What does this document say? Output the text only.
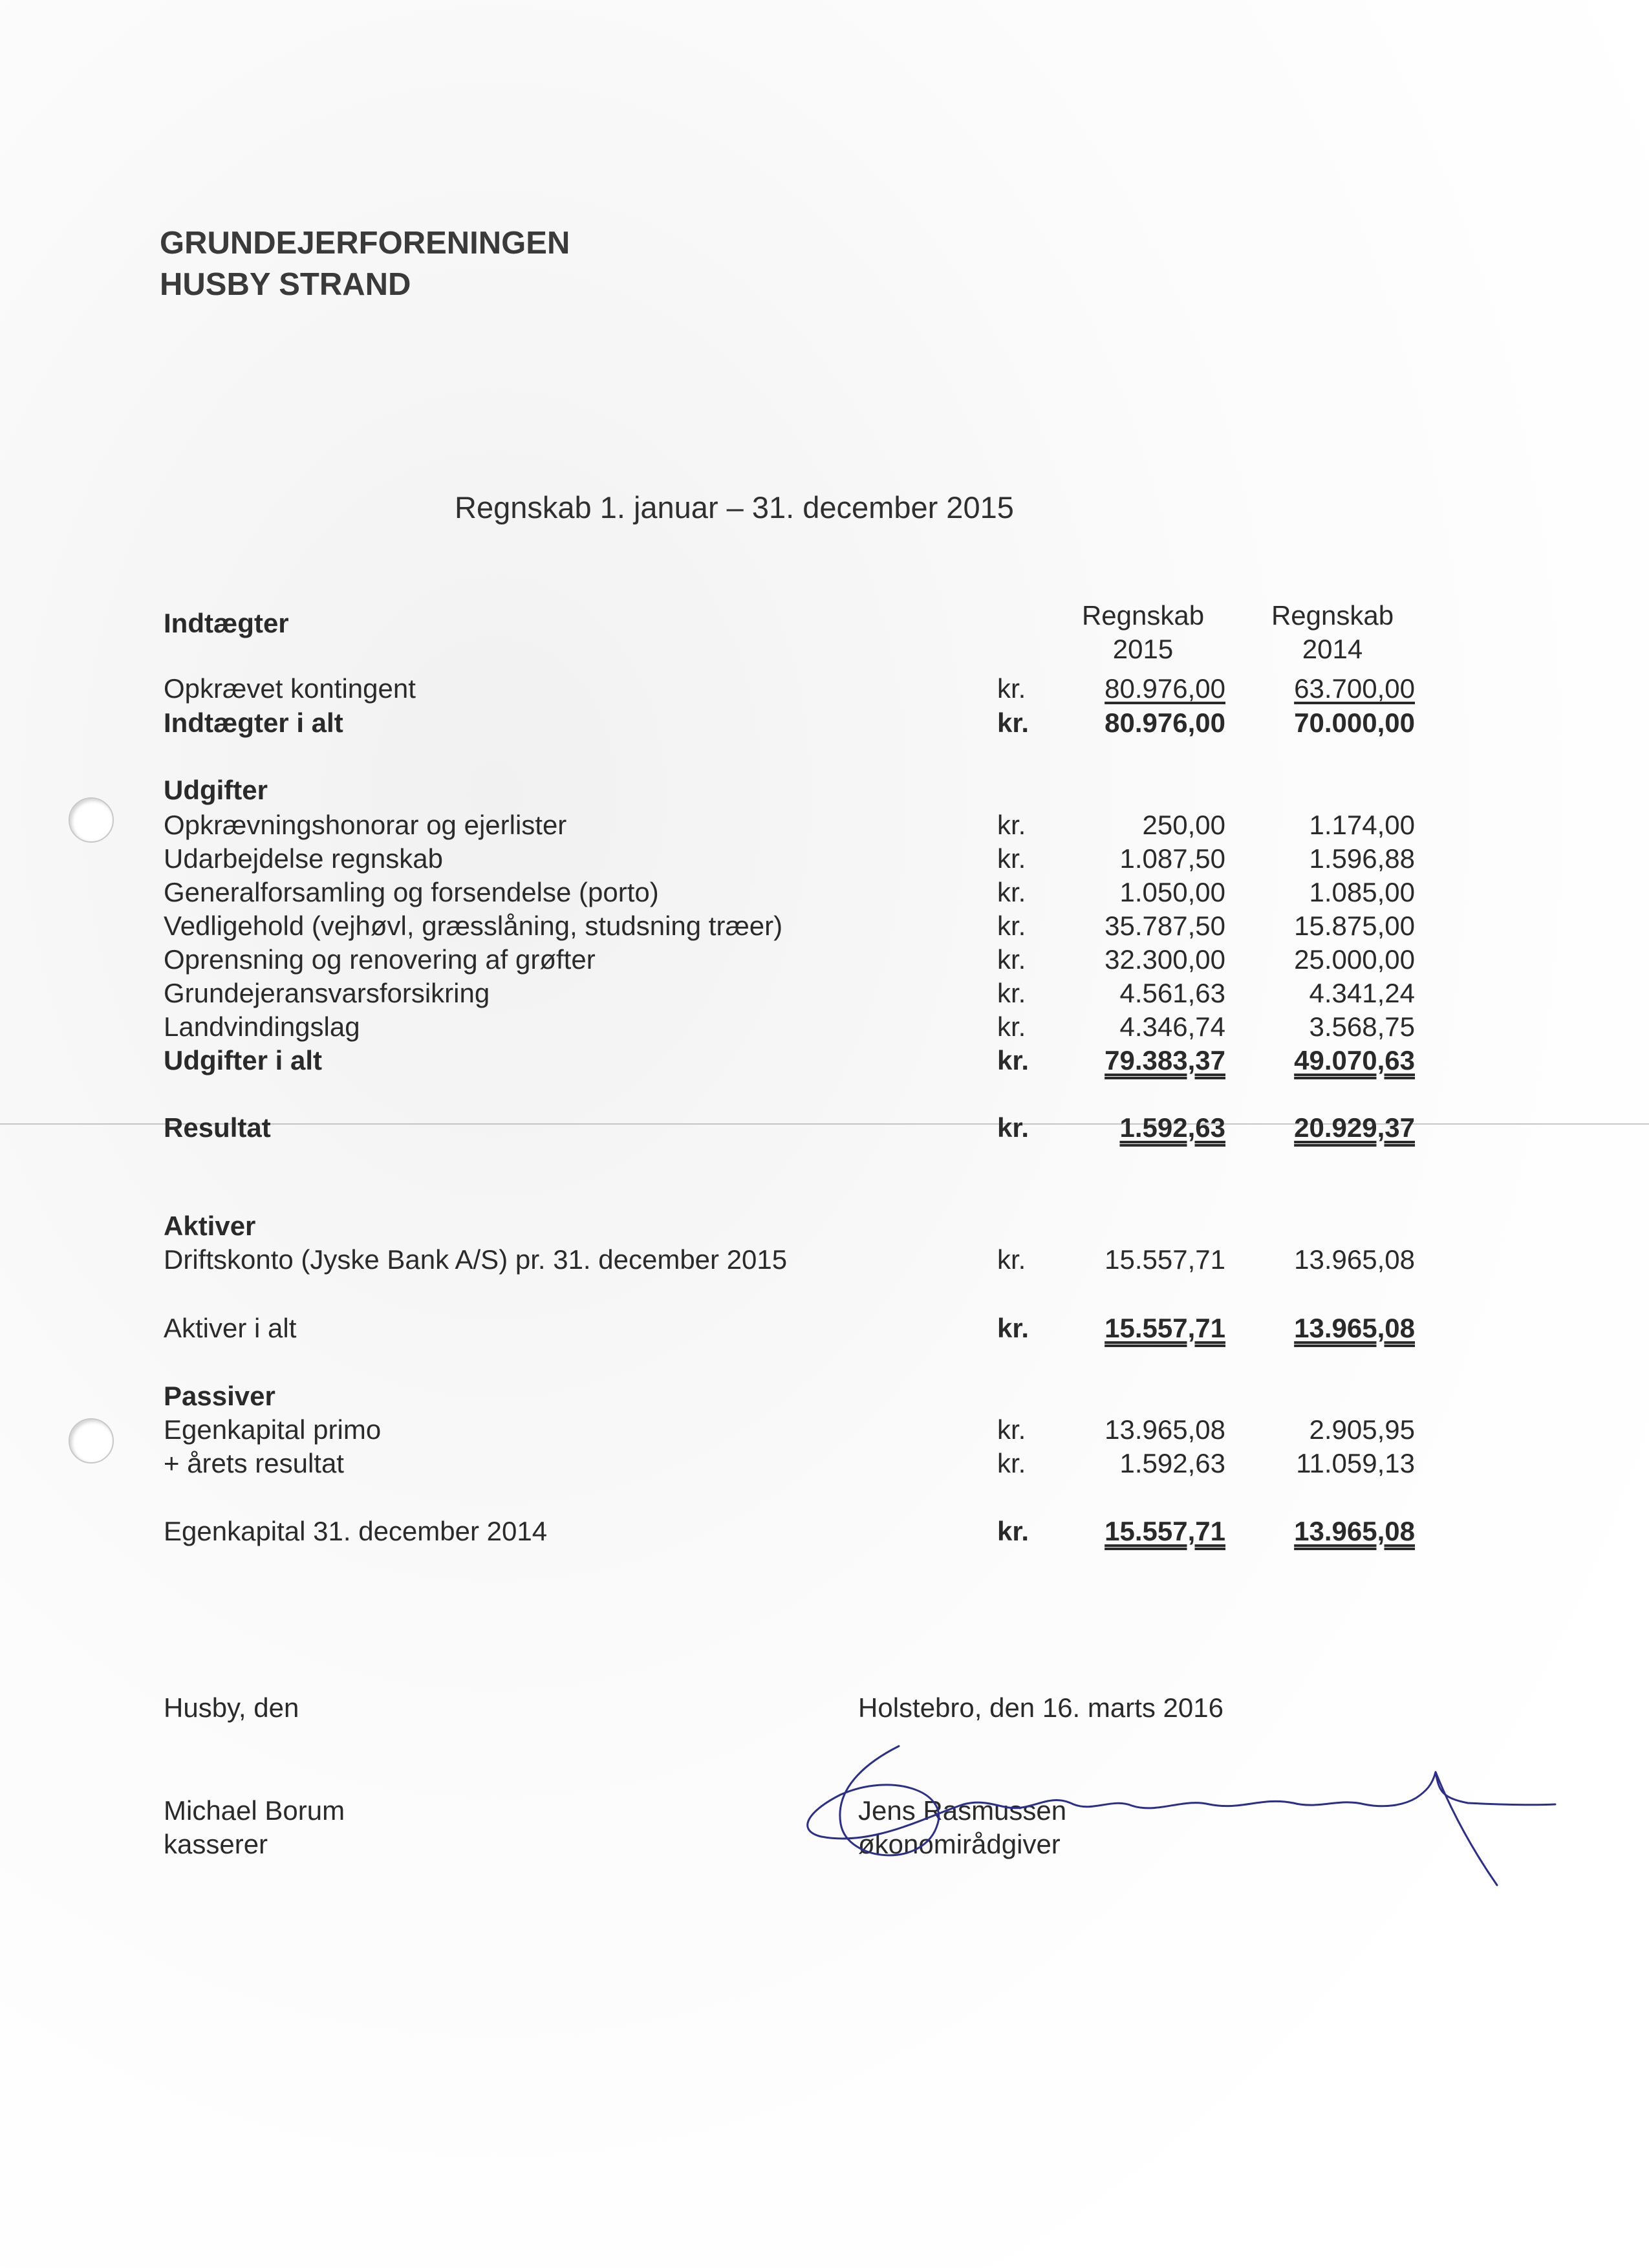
GRUNDEJERFORENINGEN
HUSBY STRAND
Regnskab 1. januar – 31. december 2015
Regnskab
2015
Regnskab
2014
Indtægter
Opkrævet kontingent	kr.	80.976,00	63.700,00
Indtægter i alt	kr.	80.976,00	70.000,00
Udgifter
Opkrævningshonorar og ejerlister	kr.	250,00	1.174,00
Udarbejdelse regnskab	kr.	1.087,50	1.596,88
Generalforsamling og forsendelse (porto)	kr.	1.050,00	1.085,00
Vedligehold (vejhøvl, græsslåning, studsning træer)	kr.	35.787,50	15.875,00
Oprensning og renovering af grøfter	kr.	32.300,00	25.000,00
Grundejeransvarsforsikring	kr.	4.561,63	4.341,24
Landvindingslag	kr.	4.346,74	3.568,75
Udgifter i alt	kr.	79.383,37	49.070,63
Resultat	kr.	1.592,63	20.929,37
Aktiver
Driftskonto (Jyske Bank A/S) pr. 31. december 2015	kr.	15.557,71	13.965,08
Aktiver i alt	kr.	15.557,71	13.965,08
Passiver
Egenkapital primo	kr.	13.965,08	2.905,95
+ årets resultat	kr.	1.592,63	11.059,13
Egenkapital 31. december 2014	kr.	15.557,71	13.965,08
Husby, den	Holstebro, den 16. marts 2016
Michael Borum
kasserer
Jens Rasmussen
økonomirådgiver
